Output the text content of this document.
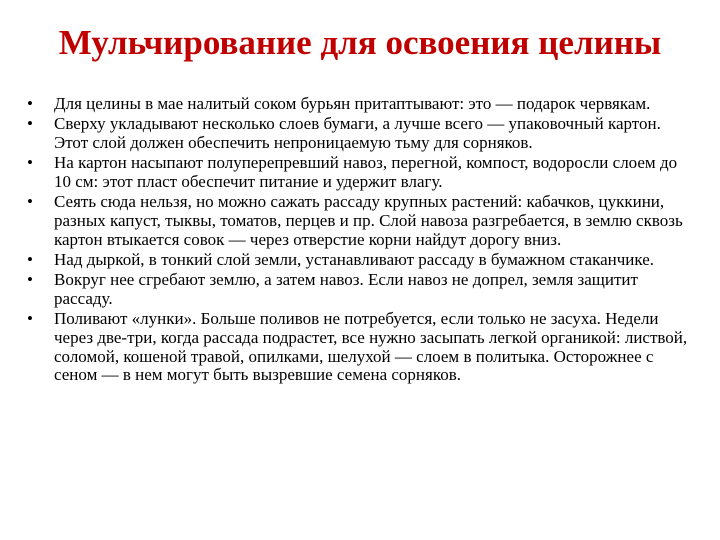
Мульчирование для освоения целины
• Для целины в мае налитый соком бурьян притаптывают: это — подарок червякам.
• Сверху укладывают несколько слоев бумаги, а лучше всего — упаковочный картон. Этот слой должен обеспечить непроницаемую тьму для сорняков.
• На картон насыпают полуперепревший навоз, перегной, компост, водоросли слоем до 10 см: этот пласт обеспечит питание и удержит влагу.
• Сеять сюда нельзя, но можно сажать рассаду крупных растений: кабачков, цуккини, разных капуст, тыквы, томатов, перцев и пр. Слой навоза разгребается, в землю сквозь картон втыкается совок — через отверстие корни найдут дорогу вниз.
• Над дыркой, в тонкий слой земли, устанавливают рассаду в бумажном стаканчике.
• Вокруг нее сгребают землю, а затем навоз. Если навоз не допрел, земля защитит рассаду.
• Поливают «лунки». Больше поливов не потребуется, если только не засуха. Недели через две-три, когда рассада подрастет, все нужно засыпать легкой органикой: листвой, соломой, кошеной травой, опилками, шелухой — слоем в политыка. Осторожнее с сеном — в нем могут быть вызревшие семена сорняков.
